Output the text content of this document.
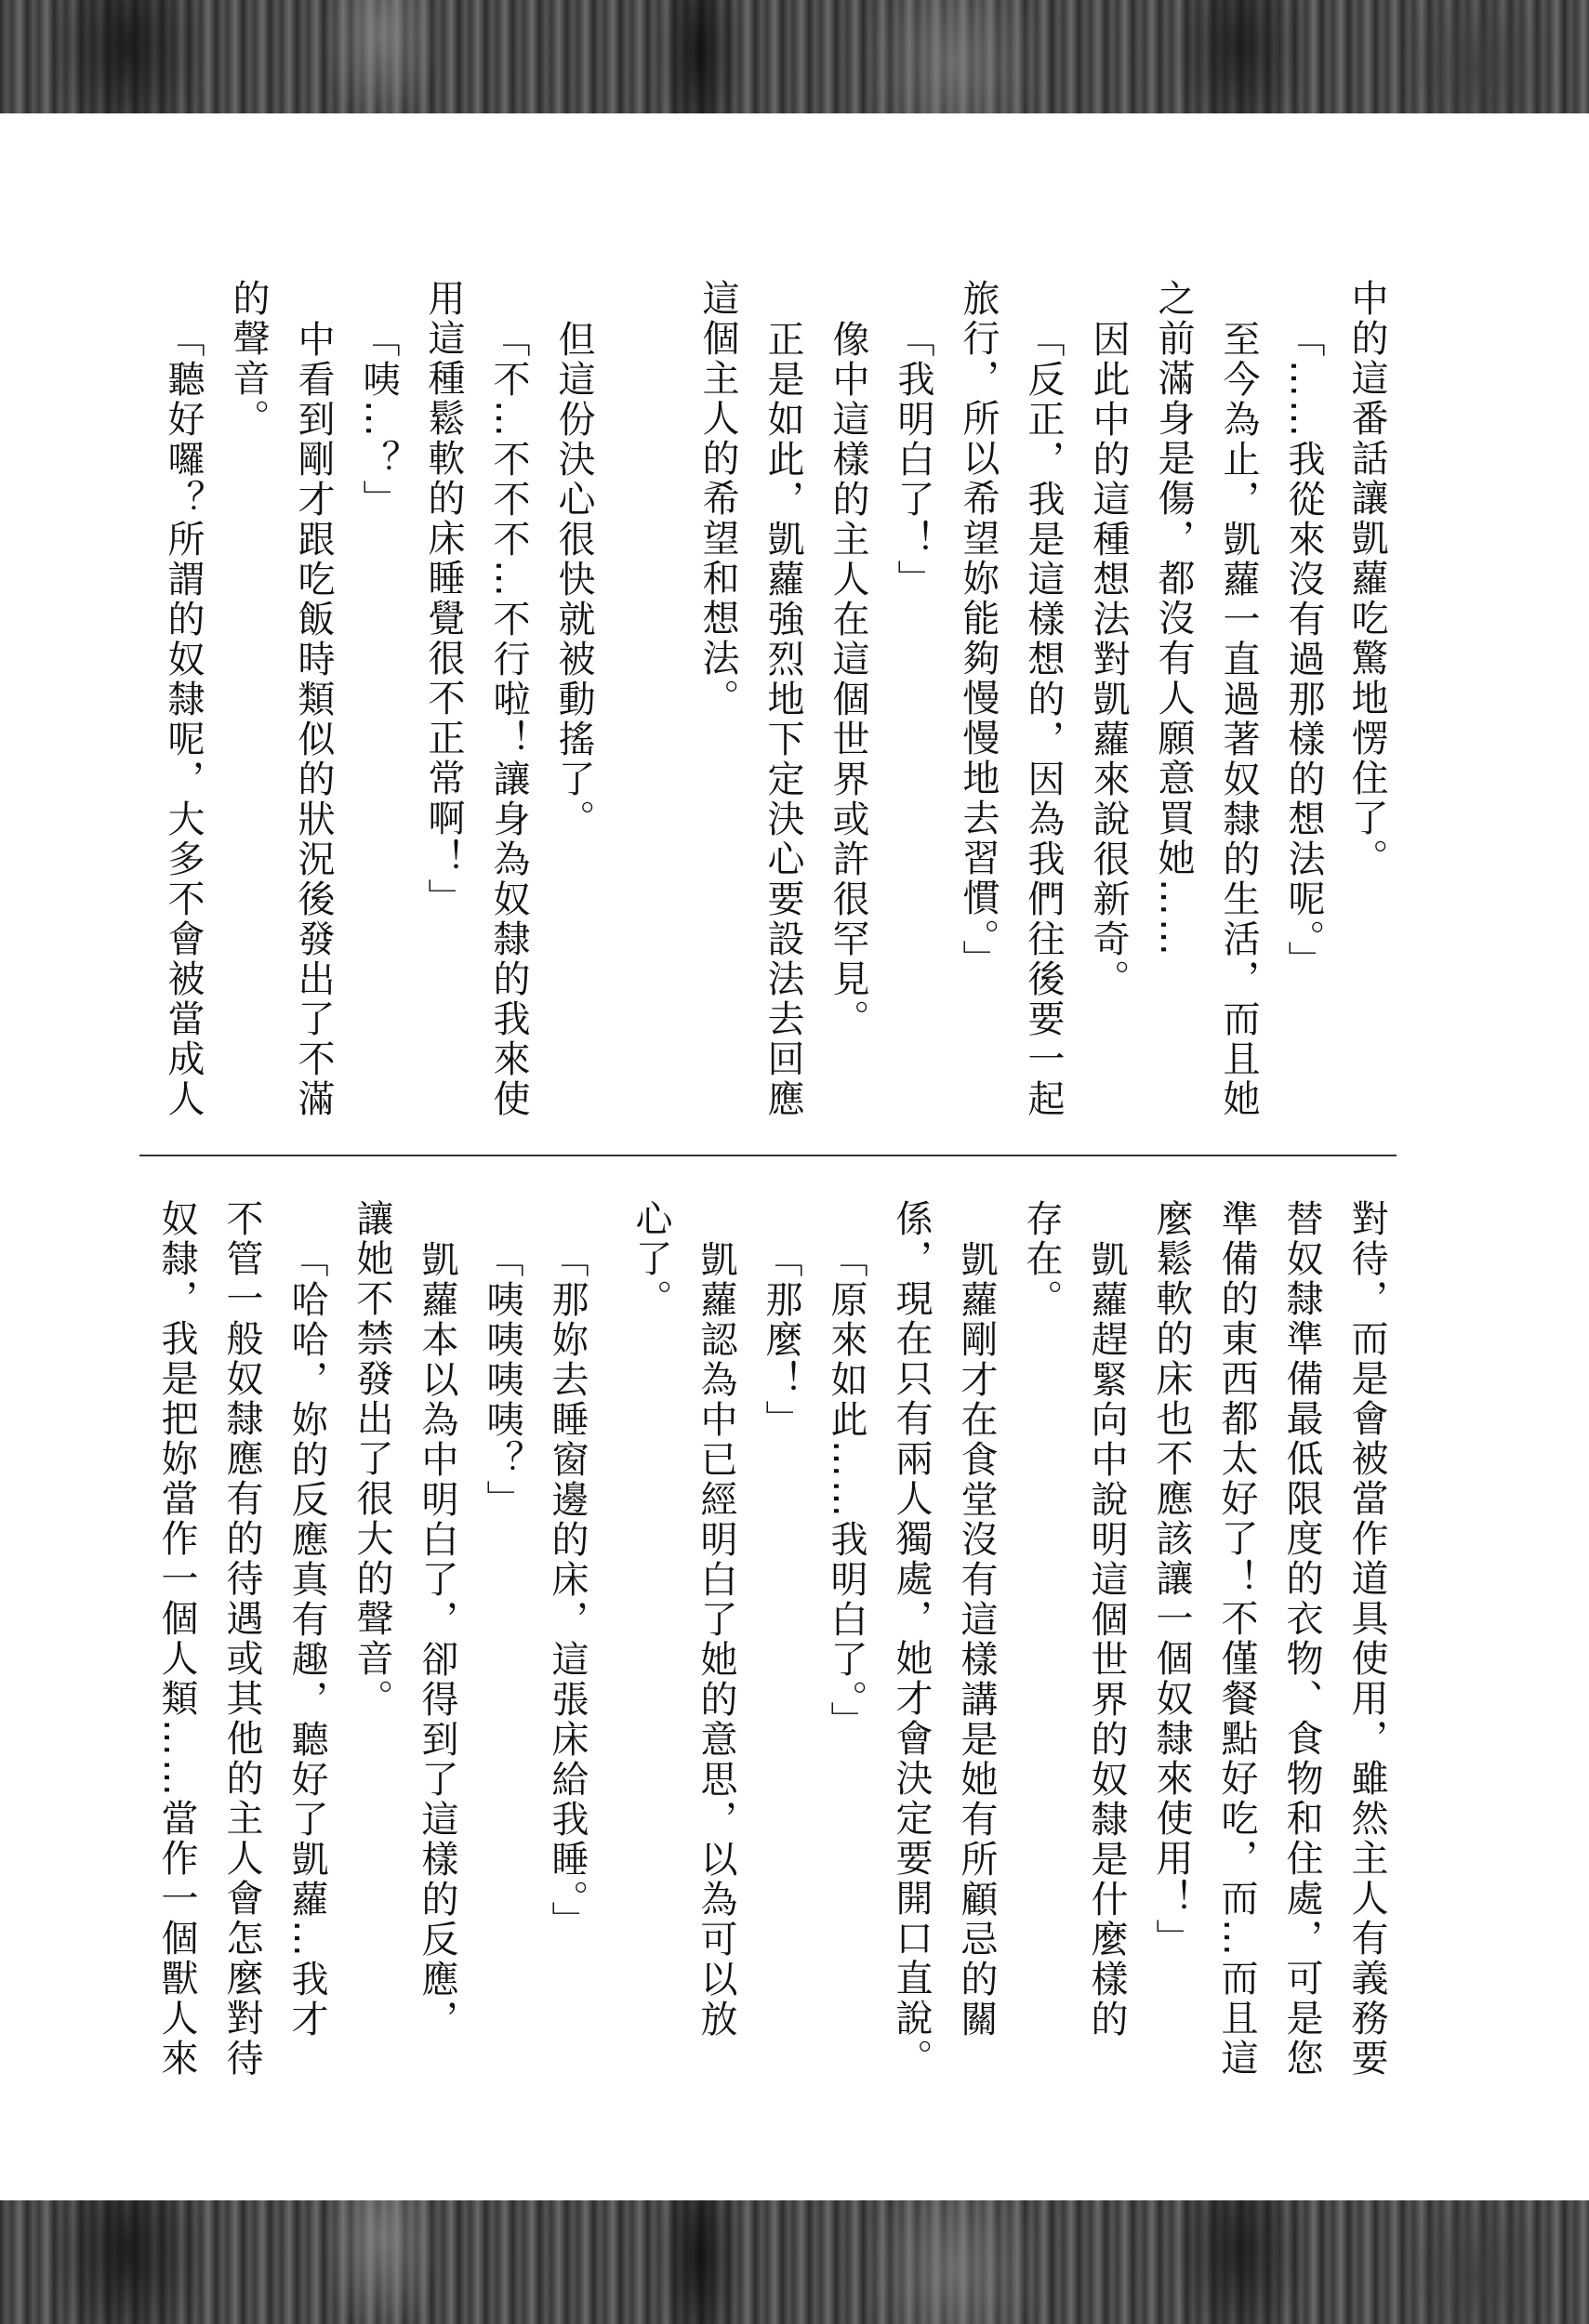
中的這番話讓凱蘿吃驚地愣住了。
「……我從來沒有過那樣的想法呢。」
至今為止，凱蘿一直過著奴隸的生活，而且她
之前滿身是傷，都沒有人願意買她……
因此中的這種想法對凱蘿來說很新奇。
「反正，我是這樣想的，因為我們往後要一起
旅行，所以希望妳能夠慢慢地去習慣。」
「我明白了！」
像中這樣的主人在這個世界或許很罕見。
正是如此，凱蘿強烈地下定決心要設法去回應
這個主人的希望和想法。
但這份決心很快就被動搖了。
「不…不不不…不行啦！讓身為奴隸的我來使
用這種鬆軟的床睡覺很不正常啊！」
「咦…？」
中看到剛才跟吃飯時類似的狀況後發出了不滿
的聲音。
「聽好囉？所謂的奴隸呢，大多不會被當成人
對待，而是會被當作道具使用，雖然主人有義務要
替奴隸準備最低限度的衣物、食物和住處，可是您
準備的東西都太好了！不僅餐點好吃，而…而且這
麼鬆軟的床也不應該讓一個奴隸來使用！」
凱蘿趕緊向中說明這個世界的奴隸是什麼樣的
存在。
凱蘿剛才在食堂沒有這樣講是她有所顧忌的關
係，現在只有兩人獨處，她才會決定要開口直說。
「原來如此……我明白了。」
「那麼！」
凱蘿認為中已經明白了她的意思，以為可以放
心了。
「那妳去睡窗邊的床，這張床給我睡。」
「咦咦咦咦？」
凱蘿本以為中明白了，卻得到了這樣的反應，
讓她不禁發出了很大的聲音。
「哈哈，妳的反應真有趣，聽好了凱蘿…我才
不管一般奴隸應有的待遇或其他的主人會怎麼對待
奴隸，我是把妳當作一個人類……當作一個獸人來
